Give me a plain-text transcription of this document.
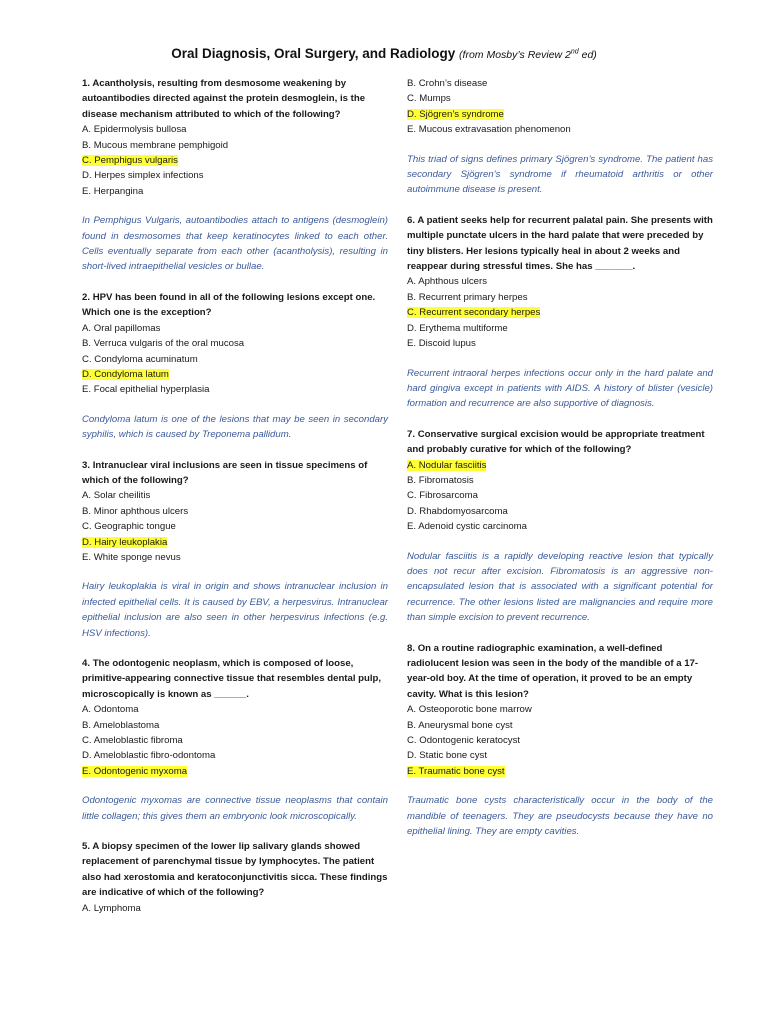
Oral Diagnosis, Oral Surgery, and Radiology (from Mosby’s Review 2nd ed)

1. Acantholysis, resulting from desmosome weakening by autoantibodies directed against the protein desmoglein, is the disease mechanism attributed to which of the following?

A. Epidermolysis bullosa

B. Mucous membrane pemphigoid

C. Pemphigus vulgaris

D. Herpes simplex infections

E. Herpangina

In Pemphigus Vulgaris, autoantibodies attach to antigens (desmoglein) found in desmosomes that keep keratinocytes linked to each other. Cells eventually separate from each other (acantholysis), resulting in short-lived intraepithelial vesicles or bullae.

2. HPV has been found in all of the following lesions except one. Which one is the exception?

A. Oral papillomas

B. Verruca vulgaris of the oral mucosa

C. Condyloma acuminatum

D. Condyloma latum

E. Focal epithelial hyperplasia

Condyloma latum is one of the lesions that may be seen in secondary syphilis, which is caused by Treponema pallidum.

3. Intranuclear viral inclusions are seen in tissue specimens of which of the following?

A. Solar cheilitis

B. Minor aphthous ulcers

C. Geographic tongue

D. Hairy leukoplakia

E. White sponge nevus

Hairy leukoplakia is viral in origin and shows intranuclear inclusion in infected epithelial cells. It is caused by EBV, a herpesvirus. Intranuclear epithelial inclusion are also seen in other herpesvirus infections (e.g. HSV infections).

4. The odontogenic neoplasm, which is composed of loose, primitive-appearing connective tissue that resembles dental pulp, microscopically is known as ______.

A. Odontoma

B. Ameloblastoma

C. Ameloblastic fibroma

D. Ameloblastic fibro-odontoma

E. Odontogenic myxoma

Odontogenic myxomas are connective tissue neoplasms that contain little collagen; this gives them an embryonic look microscopically.

5. A biopsy specimen of the lower lip salivary glands showed replacement of parenchymal tissue by lymphocytes. The patient also had xerostomia and keratoconjunctivitis sicca. These findings are indicative of which of the following?

A. Lymphoma

B. Crohn’s disease

C. Mumps

D. Sjögren’s syndrome

E. Mucous extravasation phenomenon

This triad of signs defines primary Sjögren’s syndrome. The patient has secondary Sjögren’s syndrome if rheumatoid arthritis or other autoimmune disease is present.

6. A patient seeks help for recurrent palatal pain. She presents with multiple punctate ulcers in the hard palate that were preceded by tiny blisters. Her lesions typically heal in about 2 weeks and reappear during stressful times. She has _______.

A. Aphthous ulcers

B. Recurrent primary herpes

C. Recurrent secondary herpes

D. Erythema multiforme

E. Discoid lupus

Recurrent intraoral herpes infections occur only in the hard palate and hard gingiva except in patients with AIDS. A history of blister (vesicle) formation and recurrence are also supportive of diagnosis.

7. Conservative surgical excision would be appropriate treatment and probably curative for which of the following?

A. Nodular fasciitis

B. Fibromatosis

C. Fibrosarcoma

D. Rhabdomyosarcoma

E. Adenoid cystic carcinoma

Nodular fasciitis is a rapidly developing reactive lesion that typically does not recur after excision. Fibromatosis is an aggressive non-encapsulated lesion that is associated with a significant potential for recurrence. The other lesions listed are malignancies and require more than simple excision to prevent recurrence.

8. On a routine radiographic examination, a well-defined radiolucent lesion was seen in the body of the mandible of a 17-year-old boy. At the time of operation, it proved to be an empty cavity. What is this lesion?

A. Osteoporotic bone marrow

B. Aneurysmal bone cyst

C. Odontogenic keratocyst

D. Static bone cyst

E. Traumatic bone cyst

Traumatic bone cysts characteristically occur in the body of the mandible of teenagers. They are pseudocysts because they have no epithelial lining. They are empty cavities.
